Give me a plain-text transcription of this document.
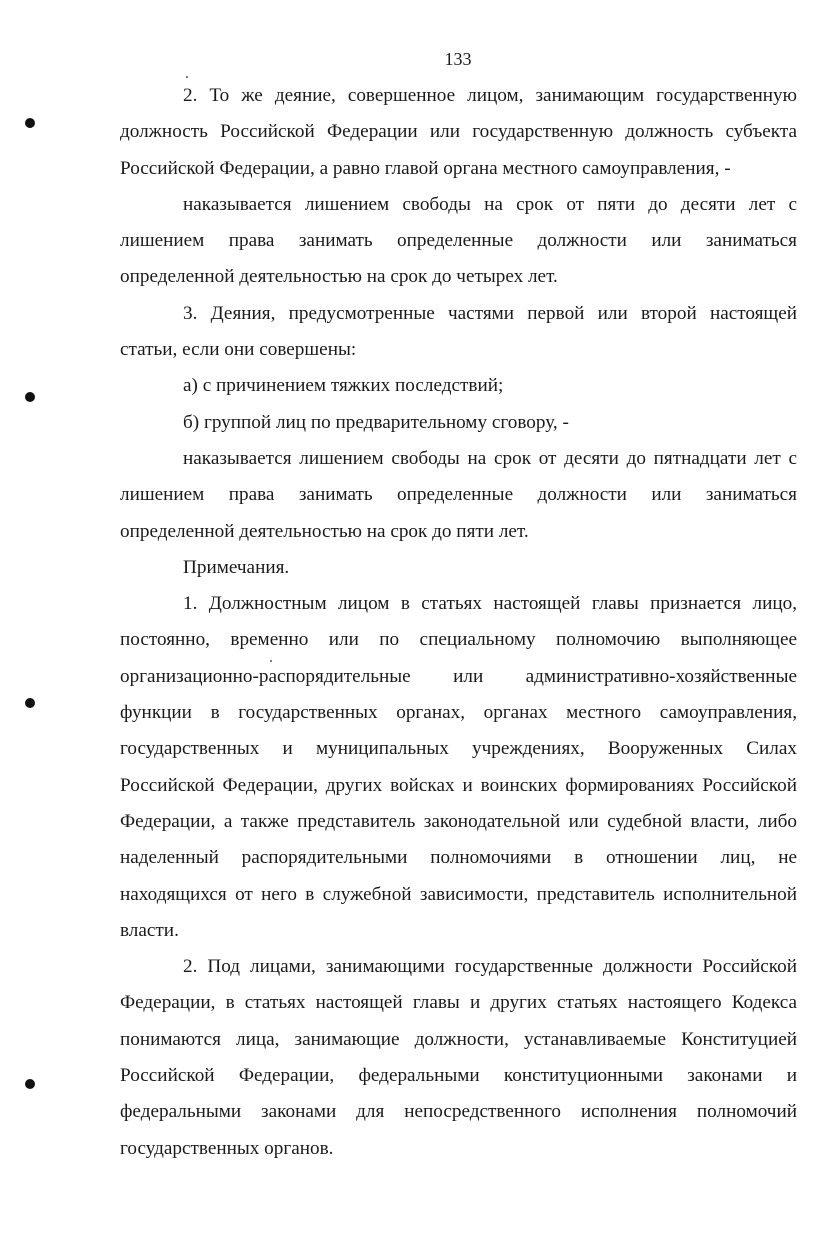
133

2. То же деяние, совершенное лицом, занимающим государственную должность Российской Федерации или государственную должность субъекта Российской Федерации, а равно главой органа местного самоуправления, -

наказывается лишением свободы на срок от пяти до десяти лет с лишением права занимать определенные должности или заниматься определенной деятельностью на срок до четырех лет.

3. Деяния, предусмотренные частями первой или второй настоящей статьи, если они совершены:

а) с причинением тяжких последствий;

б) группой лиц по предварительному сговору, -

наказывается лишением свободы на срок от десяти до пятнадцати лет с лишением права занимать определенные должности или заниматься определенной деятельностью на срок до пяти лет.

Примечания.

1. Должностным лицом в статьях настоящей главы признается лицо, постоянно, временно или по специальному полномочию выполняющее организационно-распорядительные или административно-хозяйственные функции в государственных органах, органах местного самоуправления, государственных и муниципальных учреждениях, Вооруженных Силах Российской Федерации, других войсках и воинских формированиях Российской Федерации, а также представитель законодательной или судебной власти, либо наделенный распорядительными полномочиями в отношении лиц, не находящихся от него в служебной зависимости, представитель исполнительной власти.

2. Под лицами, занимающими государственные должности Российской Федерации, в статьях настоящей главы и других статьях настоящего Кодекса понимаются лица, занимающие должности, устанавливаемые Конституцией Российской Федерации, федеральными конституционными законами и федеральными законами для непосредственного исполнения полномочий государственных органов.
